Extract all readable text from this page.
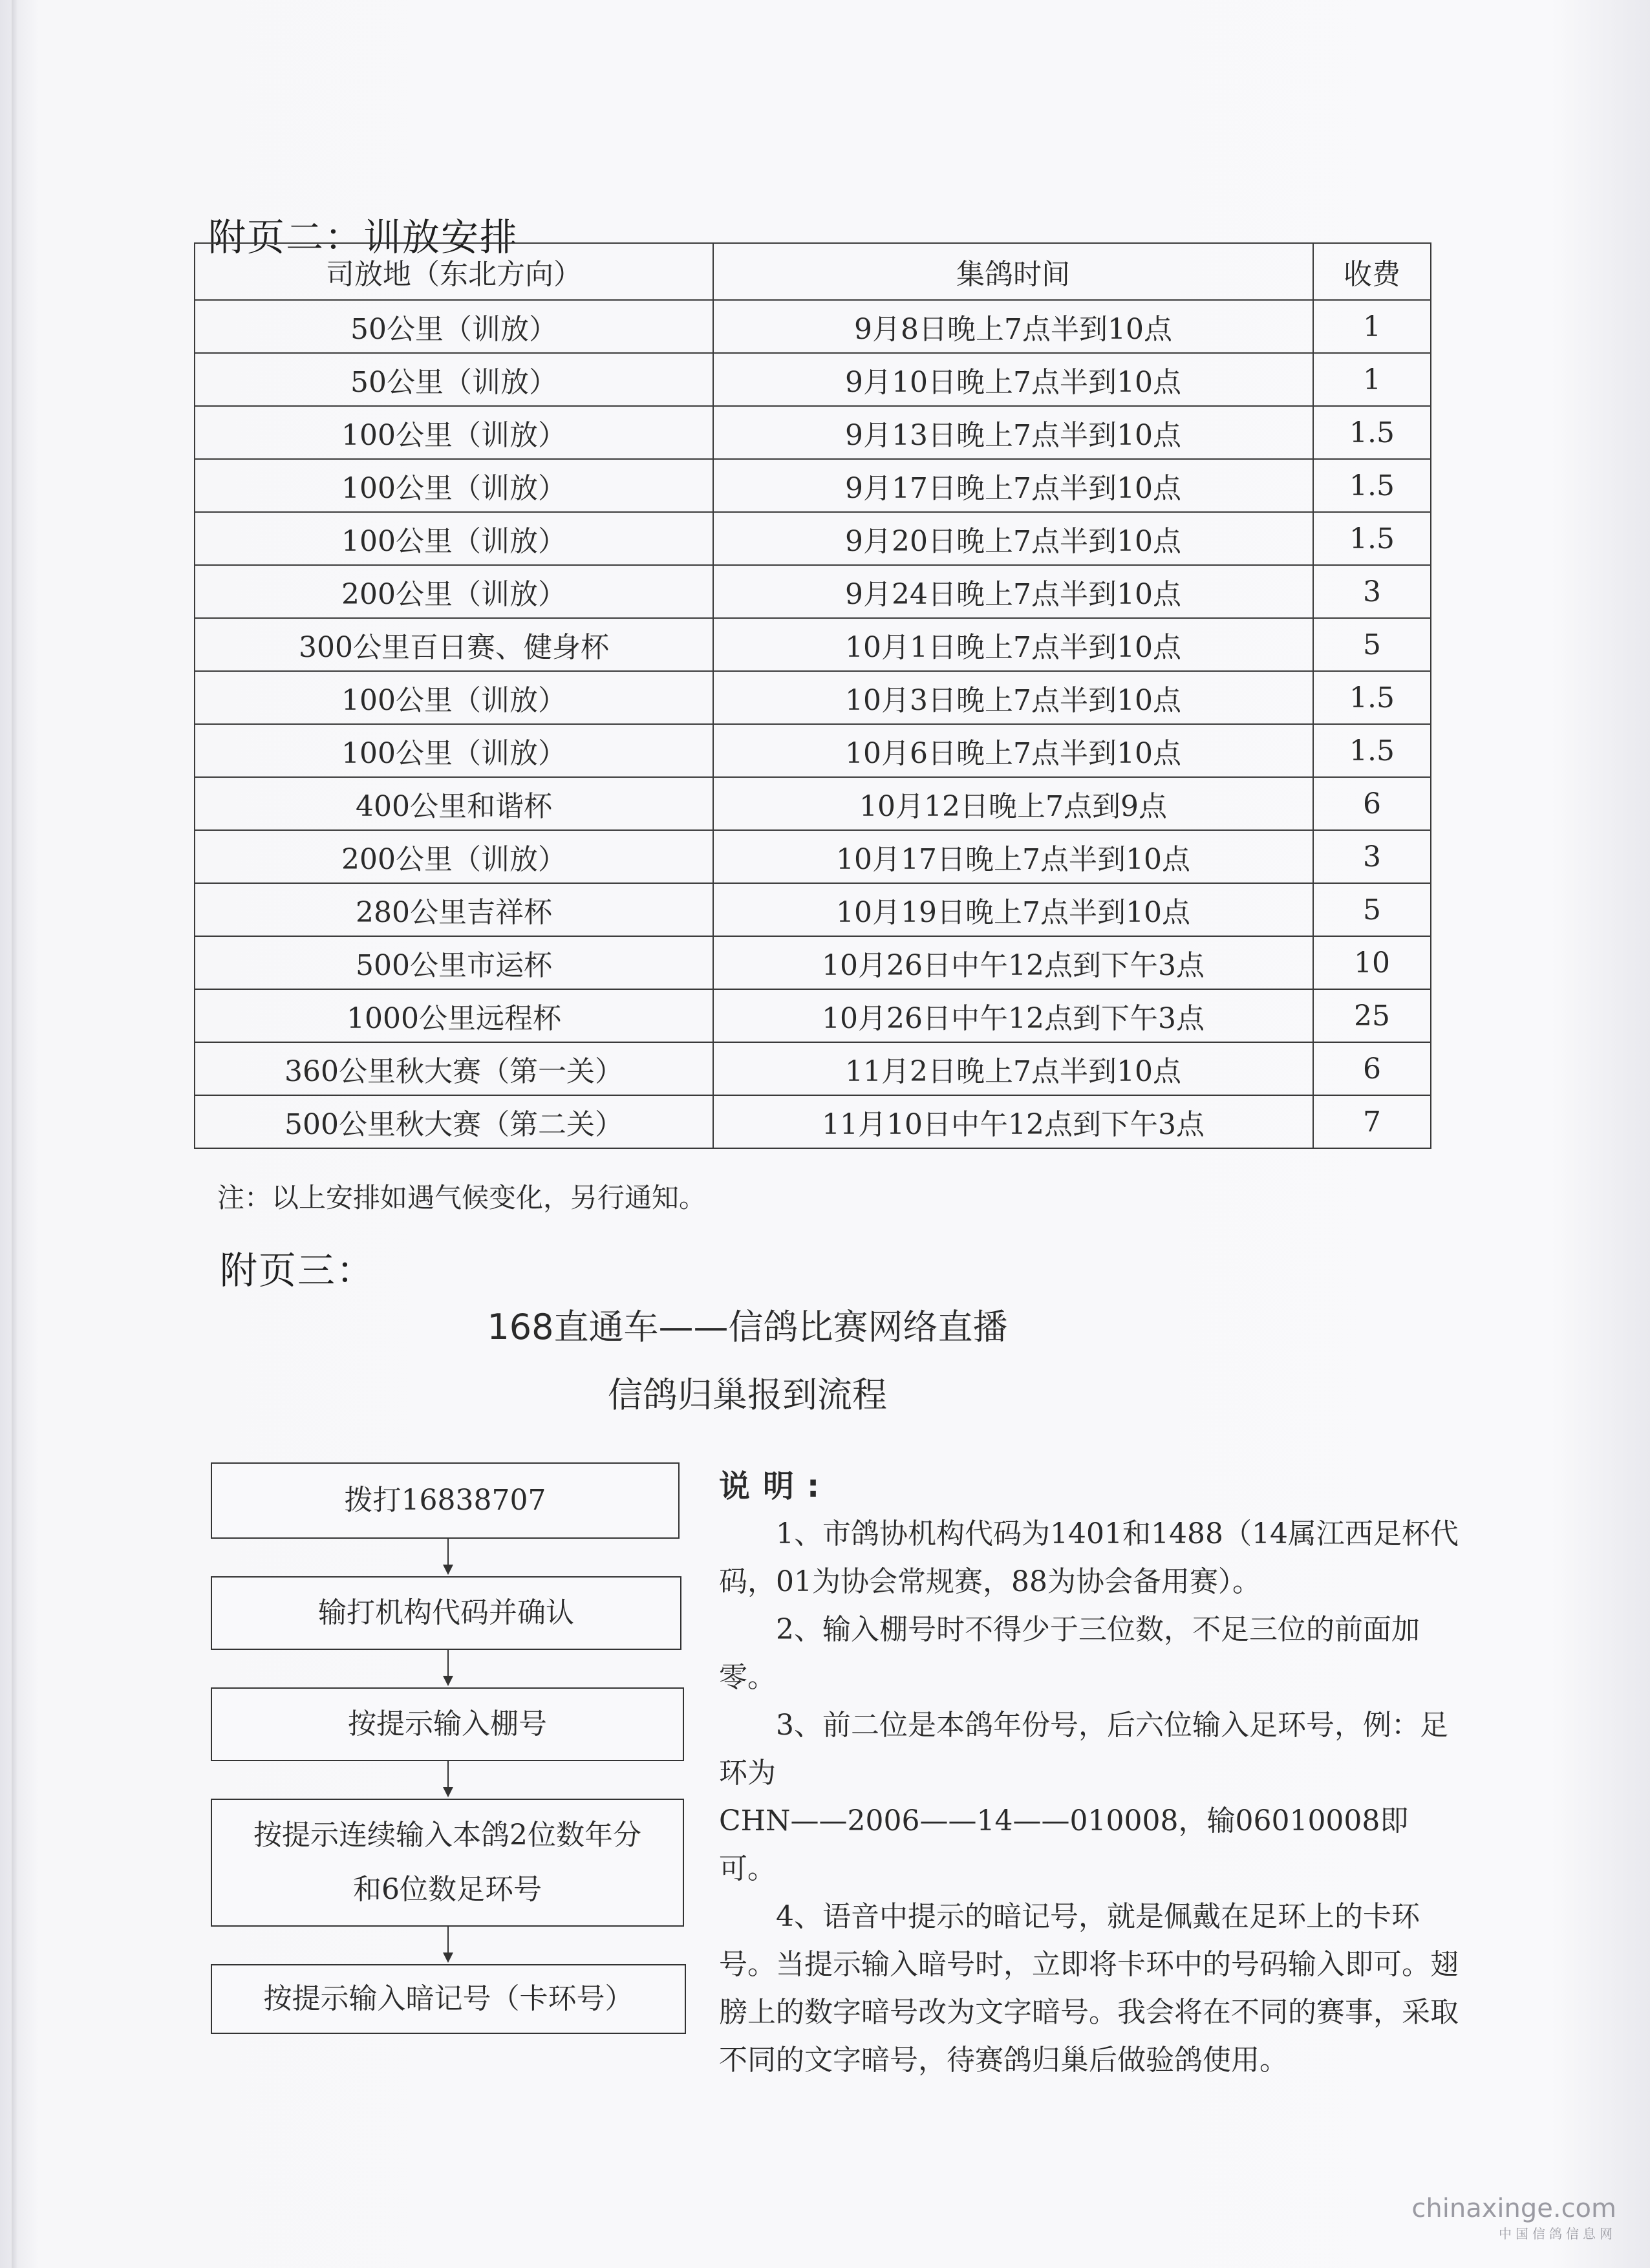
附页二：训放安排
司放地（东北方向）	集鸽时间	收费
50公里（训放）	9月8日晚上7点半到10点	1
50公里（训放）	9月10日晚上7点半到10点	1
100公里（训放）	9月13日晚上7点半到10点	1.5
100公里（训放）	9月17日晚上7点半到10点	1.5
100公里（训放）	9月20日晚上7点半到10点	1.5
200公里（训放）	9月24日晚上7点半到10点	3
300公里百日赛、健身杯	10月1日晚上7点半到10点	5
100公里（训放）	10月3日晚上7点半到10点	1.5
100公里（训放）	10月6日晚上7点半到10点	1.5
400公里和谐杯	10月12日晚上7点到9点	6
200公里（训放）	10月17日晚上7点半到10点	3
280公里吉祥杯	10月19日晚上7点半到10点	5
500公里市运杯	10月26日中午12点到下午3点	10
1000公里远程杯	10月26日中午12点到下午3点	25
360公里秋大赛（第一关）	11月2日晚上7点半到10点	6
500公里秋大赛（第二关）	11月10日中午12点到下午3点	7
注：以上安排如遇气候变化，另行通知。
附页三：
168直通车——信鸽比赛网络直播
信鸽归巢报到流程
拨打16838707
输打机构代码并确认
按提示输入棚号
按提示连续输入本鸽2位数年分和6位数足环号
按提示输入暗记号（卡环号）

说明:

1、市鸽协机构代码为1401和1488（14属江西足杯代码，01为协会常规赛，88为协会备用赛）。

2、输入棚号时不得少于三位数，不足三位的前面加零。

3、前二位是本鸽年份号，后六位输入足环号，例：足环为

CHN——2006——14——010008，输06010008即可。

4、语音中提示的暗记号，就是佩戴在足环上的卡环号。当提示输入暗号时，立即将卡环中的号码输入即可。翅膀上的数字暗号改为文字暗号。我会将在不同的赛事，采取不同的文字暗号，待赛鸽归巢后做验鸽使用。

chinaxinge.com
中国信鸽信息网
